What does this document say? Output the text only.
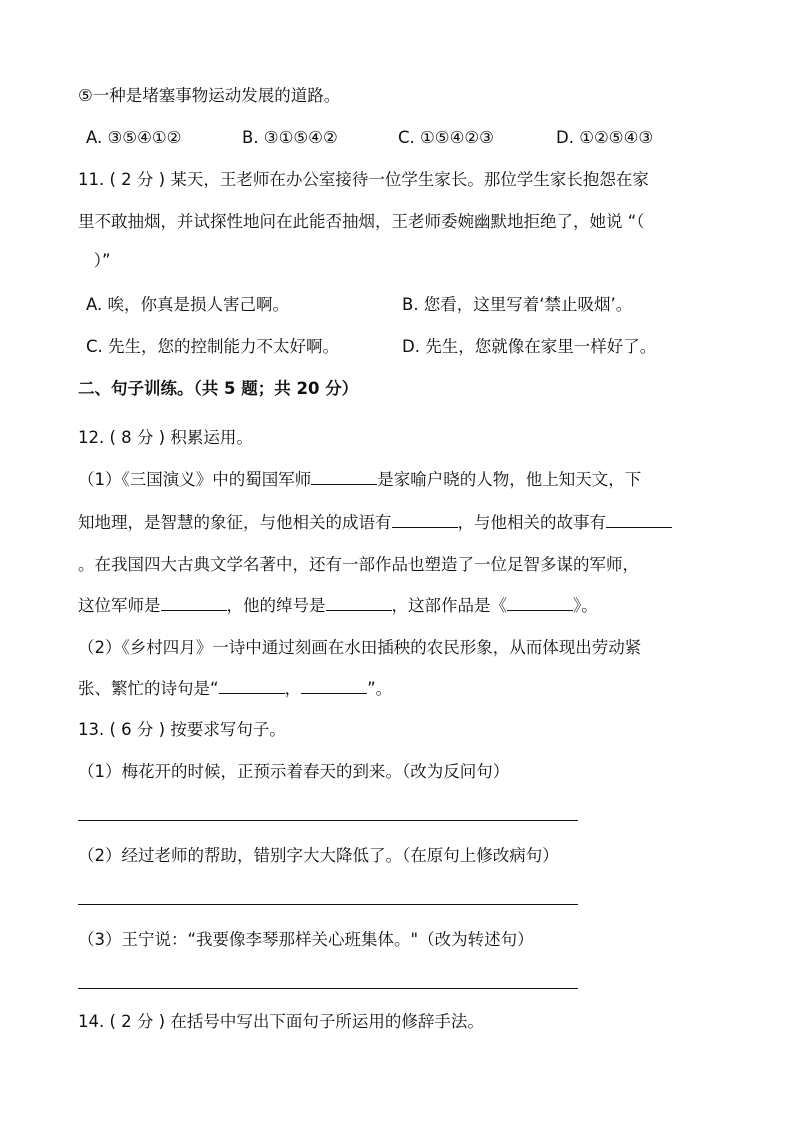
⑤一种是堵塞事物运动发展的道路。
A. ③⑤④①②	B. ③①⑤④②	C. ①⑤④②③	D. ①②⑤④③
11. ( 2 分 ) 某天，王老师在办公室接待一位学生家长。那位学生家长抱怨在家
里不敢抽烟，并试探性地问在此能否抽烟，王老师委婉幽默地拒绝了，她说 “（
）”
A. 唉，你真是损人害己啊。	B. 您看，这里写着‘禁止吸烟’。
C. 先生，您的控制能力不太好啊。	D. 先生，您就像在家里一样好了。
二、句子训练。（共 5 题；共 20 分）
12. ( 8 分 ) 积累运用。
（1）《三国演义》中的蜀国军师	是家喻户晓的人物，他上知天文，下
知地理，是智慧的象征，与他相关的成语有	，与他相关的故事有
。在我国四大古典文学名著中，还有一部作品也塑造了一位足智多谋的军师，
这位军师是	，他的绰号是	，这部作品是《	》。
（2）《乡村四月》一诗中通过刻画在水田插秧的农民形象，从而体现出劳动紧
张、繁忙的诗句是“	，	”。
13. ( 6 分 ) 按要求写句子。
（1）梅花开的时候，正预示着春天的到来。（改为反问句）
（2）经过老师的帮助，错别字大大降低了。（在原句上修改病句）
（3）王宁说：“我要像李琴那样关心班集体。"（改为转述句）
14. ( 2 分 ) 在括号中写出下面句子所运用的修辞手法。
